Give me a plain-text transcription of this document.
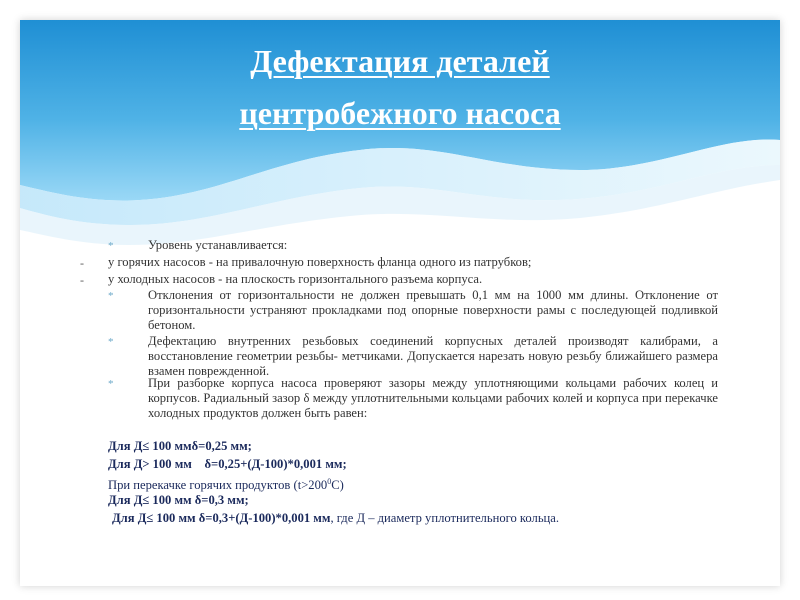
Дефектация деталей
центробежного насоса
*	Уровень устанавливается:
- у горячих насосов - на привалочную поверхность фланца одного из патрубков;
- у холодных насосов - на плоскость горизонтального разъема корпуса.
*	Отклонения от горизонтальности не должен превышать 0,1 мм на 1000 мм длины. Отклонение от горизонтальности устраняют прокладками под опорные поверхности рамы с последующей подливкой бетоном.
*	Дефектацию внутренних резьбовых соединений корпусных деталей производят калибрами, а восстановление геометрии резьбы- метчиками. Допускается нарезать новую резьбу ближайшего размера взамен поврежденной.
*	При разборке корпуса насоса проверяют зазоры между уплотняющими кольцами рабочих колец и корпусов. Радиальный зазор δ между уплотнительными кольцами рабочих колей и корпуса при перекачке холодных продуктов должен быть равен:
Для Д≤ 100 ммδ=0,25 мм;
Для Д> 100 мм δ=0,25+(Д-100)*0,001 мм;
При перекачке горячих продуктов $(t>200^0С)$
Для Д≤ 100 мм δ=0,3 мм;
Для Д≤ 100 мм δ=0,3+(Д-100)*0,001 мм, где Д – диаметр уплотнительного кольца.
